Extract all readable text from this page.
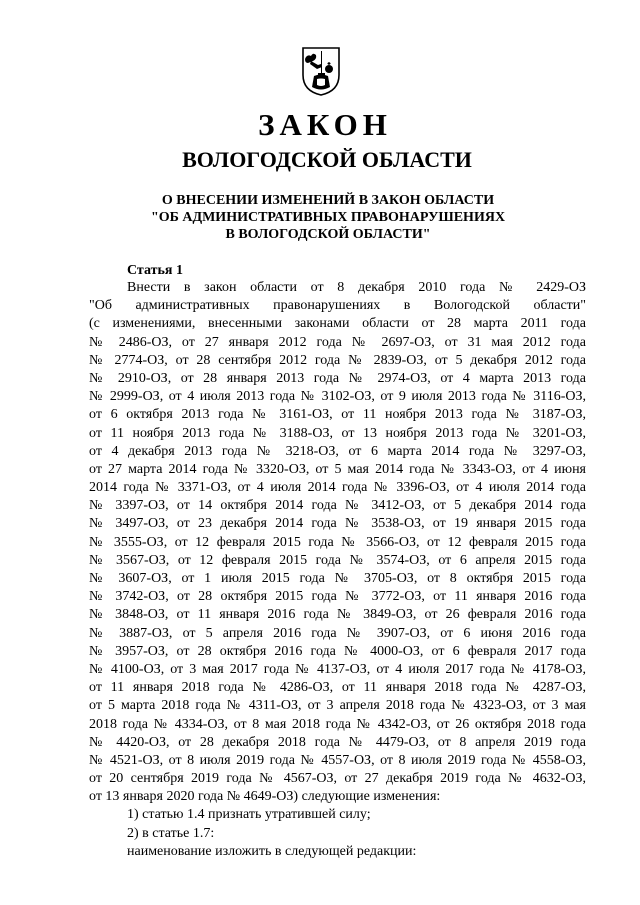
ЗАКОН
ВОЛОГОДСКОЙ ОБЛАСТИ
О ВНЕСЕНИИ ИЗМЕНЕНИЙ В ЗАКОН ОБЛАСТИ
"ОБ АДМИНИСТРАТИВНЫХ ПРАВОНАРУШЕНИЯХ
В ВОЛОГОДСКОЙ ОБЛАСТИ"
Статья 1
Внести в закон области от 8 декабря 2010 года № 2429-ОЗ
"Об административных правонарушениях в Вологодской области"
(с изменениями, внесенными законами области от 28 марта 2011 года
№ 2486-ОЗ, от 27 января 2012 года № 2697-ОЗ, от 31 мая 2012 года
№ 2774-ОЗ, от 28 сентября 2012 года № 2839-ОЗ, от 5 декабря 2012 года
№ 2910-ОЗ, от 28 января 2013 года № 2974-ОЗ, от 4 марта 2013 года
№ 2999-ОЗ, от 4 июля 2013 года № 3102-ОЗ, от 9 июля 2013 года № 3116-ОЗ,
от 6 октября 2013 года № 3161-ОЗ, от 11 ноября 2013 года № 3187-ОЗ,
от 11 ноября 2013 года № 3188-ОЗ, от 13 ноября 2013 года № 3201-ОЗ,
от 4 декабря 2013 года № 3218-ОЗ, от 6 марта 2014 года № 3297-ОЗ,
от 27 марта 2014 года № 3320-ОЗ, от 5 мая 2014 года № 3343-ОЗ, от 4 июня
2014 года № 3371-ОЗ, от 4 июля 2014 года № 3396-ОЗ, от 4 июля 2014 года
№ 3397-ОЗ, от 14 октября 2014 года № 3412-ОЗ, от 5 декабря 2014 года
№ 3497-ОЗ, от 23 декабря 2014 года № 3538-ОЗ, от 19 января 2015 года
№ 3555-ОЗ, от 12 февраля 2015 года № 3566-ОЗ, от 12 февраля 2015 года
№ 3567-ОЗ, от 12 февраля 2015 года № 3574-ОЗ, от 6 апреля 2015 года
№ 3607-ОЗ, от 1 июля 2015 года № 3705-ОЗ, от 8 октября 2015 года
№ 3742-ОЗ, от 28 октября 2015 года № 3772-ОЗ, от 11 января 2016 года
№ 3848-ОЗ, от 11 января 2016 года № 3849-ОЗ, от 26 февраля 2016 года
№ 3887-ОЗ, от 5 апреля 2016 года № 3907-ОЗ, от 6 июня 2016 года
№ 3957-ОЗ, от 28 октября 2016 года № 4000-ОЗ, от 6 февраля 2017 года
№ 4100-ОЗ, от 3 мая 2017 года № 4137-ОЗ, от 4 июля 2017 года № 4178-ОЗ,
от 11 января 2018 года № 4286-ОЗ, от 11 января 2018 года № 4287-ОЗ,
от 5 марта 2018 года № 4311-ОЗ, от 3 апреля 2018 года № 4323-ОЗ, от 3 мая
2018 года № 4334-ОЗ, от 8 мая 2018 года № 4342-ОЗ, от 26 октября 2018 года
№ 4420-ОЗ, от 28 декабря 2018 года № 4479-ОЗ, от 8 апреля 2019 года
№ 4521-ОЗ, от 8 июля 2019 года № 4557-ОЗ, от 8 июля 2019 года № 4558-ОЗ,
от 20 сентября 2019 года № 4567-ОЗ, от 27 декабря 2019 года № 4632-ОЗ,
от 13 января 2020 года № 4649-ОЗ) следующие изменения:
1) статью 1.4 признать утратившей силу;
2) в статье 1.7:
наименование изложить в следующей редакции:
